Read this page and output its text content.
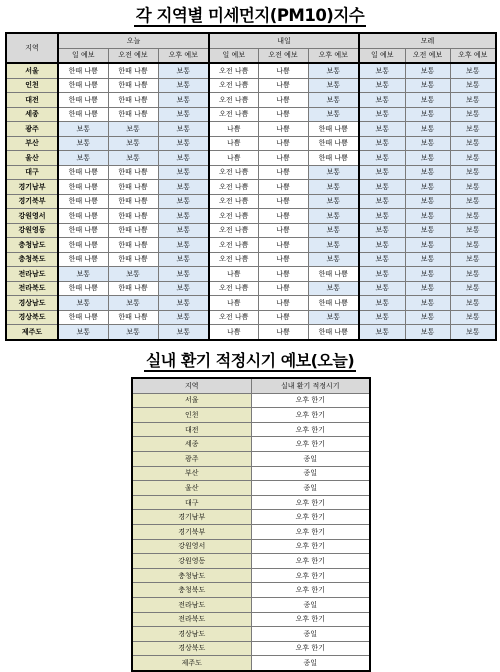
각 지역별 미세먼지(PM10)지수
지역	오늘			내일			모레		
	일 예보	오전 예보	오후 예보	일 예보	오전 예보	오후 예보	일 예보	오전 예보	오후 예보
서울	한때 나쁨	한때 나쁨	보통	오전 나쁨	나쁨	보통	보통	보통	보통
인천	한때 나쁨	한때 나쁨	보통	오전 나쁨	나쁨	보통	보통	보통	보통
대전	한때 나쁨	한때 나쁨	보통	오전 나쁨	나쁨	보통	보통	보통	보통
세종	한때 나쁨	한때 나쁨	보통	오전 나쁨	나쁨	보통	보통	보통	보통
광주	보통	보통	보통	나쁨	나쁨	한때 나쁨	보통	보통	보통
부산	보통	보통	보통	나쁨	나쁨	한때 나쁨	보통	보통	보통
울산	보통	보통	보통	나쁨	나쁨	한때 나쁨	보통	보통	보통
대구	한때 나쁨	한때 나쁨	보통	오전 나쁨	나쁨	보통	보통	보통	보통
경기남부	한때 나쁨	한때 나쁨	보통	오전 나쁨	나쁨	보통	보통	보통	보통
경기북부	한때 나쁨	한때 나쁨	보통	오전 나쁨	나쁨	보통	보통	보통	보통
강원영서	한때 나쁨	한때 나쁨	보통	오전 나쁨	나쁨	보통	보통	보통	보통
강원영동	한때 나쁨	한때 나쁨	보통	오전 나쁨	나쁨	보통	보통	보통	보통
충청남도	한때 나쁨	한때 나쁨	보통	오전 나쁨	나쁨	보통	보통	보통	보통
충청북도	한때 나쁨	한때 나쁨	보통	오전 나쁨	나쁨	보통	보통	보통	보통
전라남도	보통	보통	보통	나쁨	나쁨	한때 나쁨	보통	보통	보통
전라북도	한때 나쁨	한때 나쁨	보통	오전 나쁨	나쁨	보통	보통	보통	보통
경상남도	보통	보통	보통	나쁨	나쁨	한때 나쁨	보통	보통	보통
경상북도	한때 나쁨	한때 나쁨	보통	오전 나쁨	나쁨	보통	보통	보통	보통
제주도	보통	보통	보통	나쁨	나쁨	한때 나쁨	보통	보통	보통
실내 환기 적정시기 예보(오늘)
지역	실내 환기 적정시기
서울	오후 한기
인천	오후 한기
대전	오후 한기
세종	오후 한기
광주	종일
부산	종일
울산	종일
대구	오후 한기
경기남부	오후 한기
경기북부	오후 한기
강원영서	오후 한기
강원영동	오후 한기
충청남도	오후 한기
충청북도	오후 한기
전라남도	종일
전라북도	오후 한기
경상남도	종일
경상북도	오후 한기
제주도	종일
